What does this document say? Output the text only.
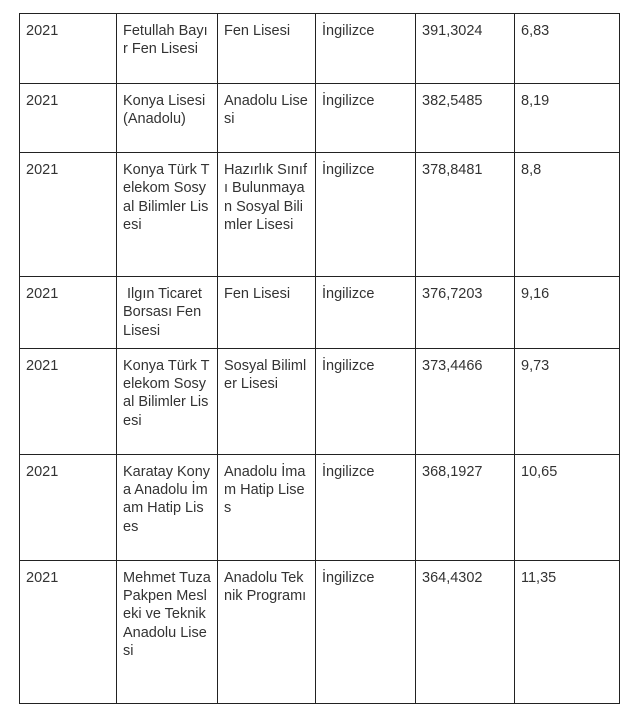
2021	Fetullah Bayır Fen Lisesi	Fen Lisesi	İngilizce	391,3024	6,83
2021	Konya Lisesi(Anadolu)	Anadolu Lisesi	İngilizce	382,5485	8,19
2021	Konya Türk Telekom Sosyal Bilimler Lisesi	Hazırlık Sınıfı Bulunmayan Sosyal Bilimler Lisesi	İngilizce	378,8481	8,8
2021	Ilgın Ticaret Borsası Fen Lisesi	Fen Lisesi	İngilizce	376,7203	9,16
2021	Konya Türk Telekom Sosyal Bilimler Lisesi	Sosyal Bilimler Lisesi	İngilizce	373,4466	9,73
2021	Karatay Konya Anadolu İmam Hatip Lises	Anadolu İmam Hatip Lises	İngilizce	368,1927	10,65
2021	Mehmet Tuza Pakpen Mesleki ve Teknik Anadolu Lisesi	Anadolu Teknik Programı	İngilizce	364,4302	11,35
